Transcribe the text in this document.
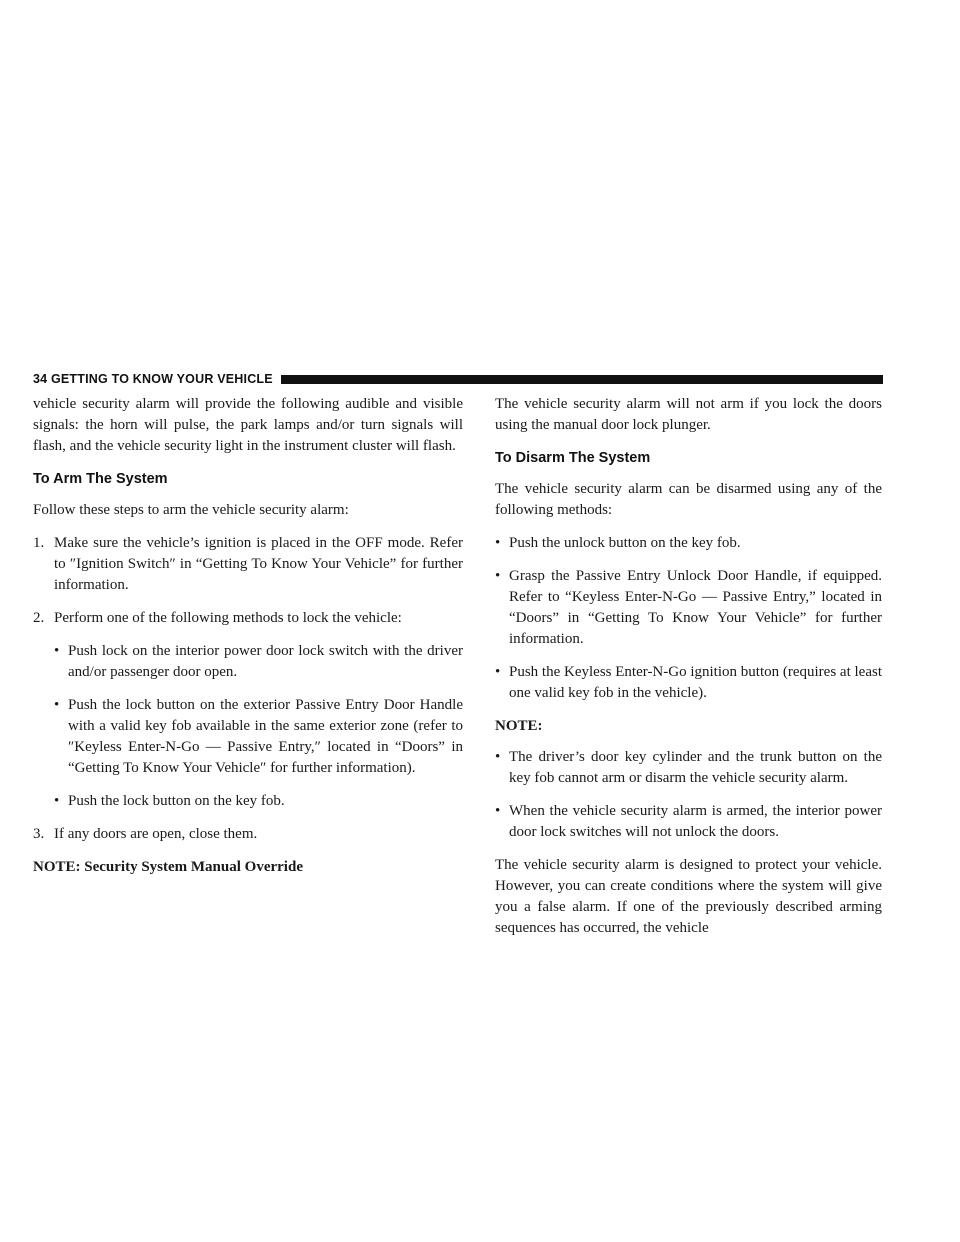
34 GETTING TO KNOW YOUR VEHICLE

vehicle security alarm will provide the following audible and visible signals: the horn will pulse, the park lamps and/or turn signals will flash, and the vehicle security light in the instrument cluster will flash.

To Arm The System

Follow these steps to arm the vehicle security alarm:

1. Make sure the vehicle’s ignition is placed in the OFF mode. Refer to ″Ignition Switch″ in “Getting To Know Your Vehicle” for further information.
2. Perform one of the following methods to lock the vehicle:
• Push lock on the interior power door lock switch with the driver and/or passenger door open.
• Push the lock button on the exterior Passive Entry Door Handle with a valid key fob available in the same exterior zone (refer to ″Keyless Enter-N-Go — Passive Entry,″ located in “Doors” in “Getting To Know Your Vehicle″ for further information).
• Push the lock button on the key fob.
3. If any doors are open, close them.

NOTE: Security System Manual Override

The vehicle security alarm will not arm if you lock the doors using the manual door lock plunger.

To Disarm The System

The vehicle security alarm can be disarmed using any of the following methods:

• Push the unlock button on the key fob.
• Grasp the Passive Entry Unlock Door Handle, if equipped. Refer to “Keyless Enter-N-Go — Passive Entry,” located in “Doors” in “Getting To Know Your Vehicle” for further information.
• Push the Keyless Enter-N-Go ignition button (requires at least one valid key fob in the vehicle).

NOTE:

• The driver’s door key cylinder and the trunk button on the key fob cannot arm or disarm the vehicle security alarm.
• When the vehicle security alarm is armed, the interior power door lock switches will not unlock the doors.

The vehicle security alarm is designed to protect your vehicle. However, you can create conditions where the system will give you a false alarm. If one of the previously described arming sequences has occurred, the vehicle
